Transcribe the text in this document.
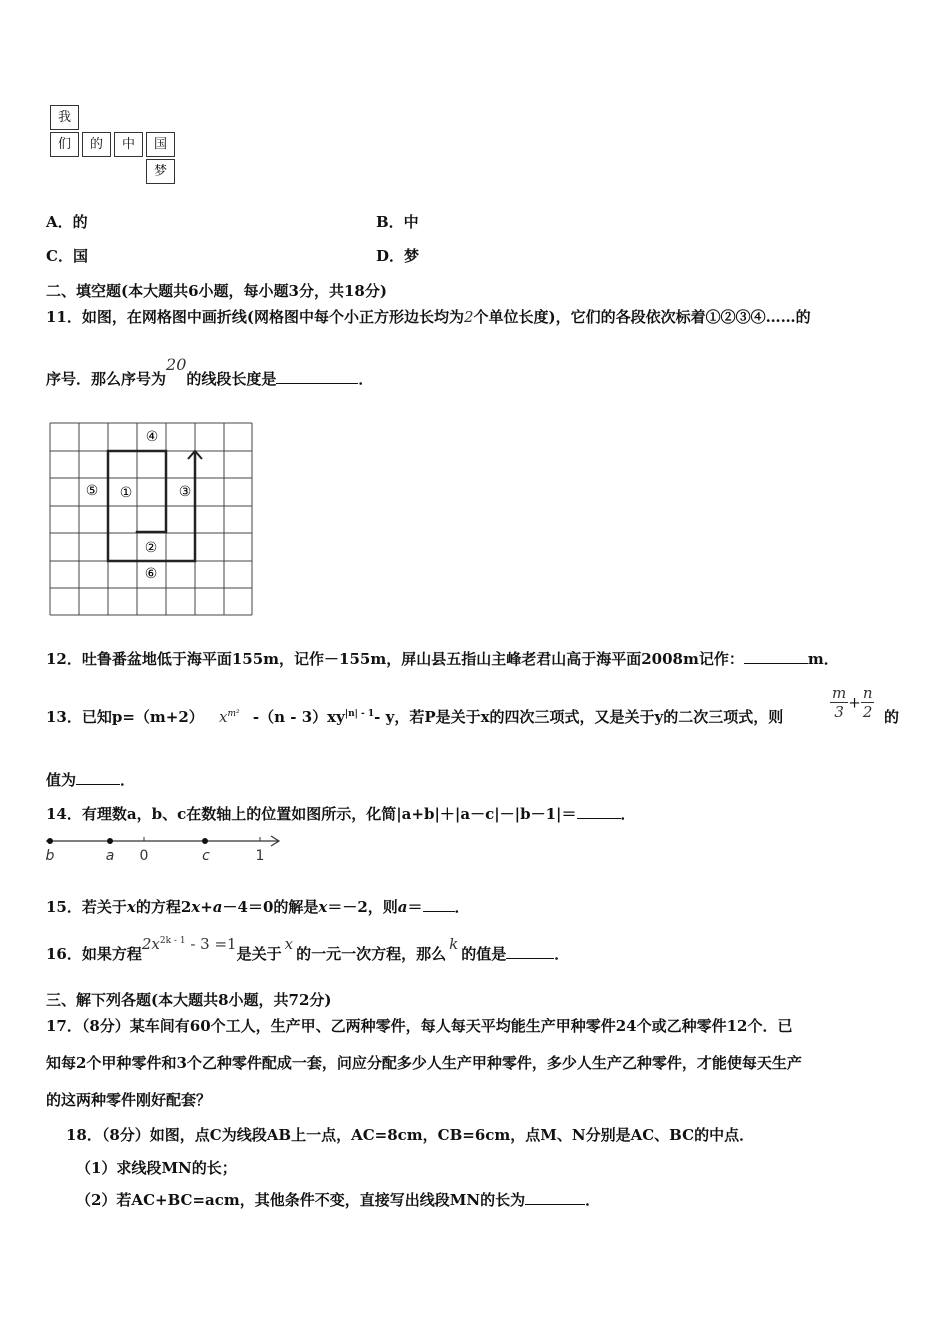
我
们	的	中	国
梦
A．的	B．中
C．国	D．梦
二、填空题(本大题共6小题，每小题3分，共18分)
11．如图，在网格图中画折线(网格图中每个小正方形边长均为2个单位长度)，它们的各段依次标着①②③④……的
序号．那么序号为20的线段长度是	．
④
⑤ ①	③
②
⑥
12．吐鲁番盆地低于海平面155m，记作－155m，屏山县五指山主峰老君山高于海平面2008m记作：	m．
13．已知p=（m+2） $x^{m^2}$ $-(n - 3)xy^{|n| - 1}-$ y，若P是关于x的四次三项式，又是关于y的二次三项式，则	$\frac{m}{3} + \frac{n}{2}$ 的
值为	．
14．有理数a，b、c在数轴上的位置如图所示，化简|a+b|＋|a－c|－|b－1|＝	．
b	a 0	c	1
15．若关于x的方程2x+a－4＝0的解是x＝－2，则a＝ ．
16．如果方程$2x^{2k - 1} - 3 =1$是关于x的一元一次方程，那么k的值是	．
三、解下列各题(本大题共8小题，共72分)
17．（8分）某车间有60个工人，生产甲、乙两种零件，每人每天平均能生产甲种零件24个或乙种零件12个．已
知每2个甲种零件和3个乙种零件配成一套，问应分配多少人生产甲种零件，多少人生产乙种零件，才能使每天生产
的这两种零件刚好配套？
18．（8分）如图，点C为线段AB上一点，AC=8cm，CB=6cm，点M、N分别是AC、BC的中点．
（1）求线段MN的长；
（2）若AC+BC=acm，其他条件不变，直接写出线段MN的长为	．
